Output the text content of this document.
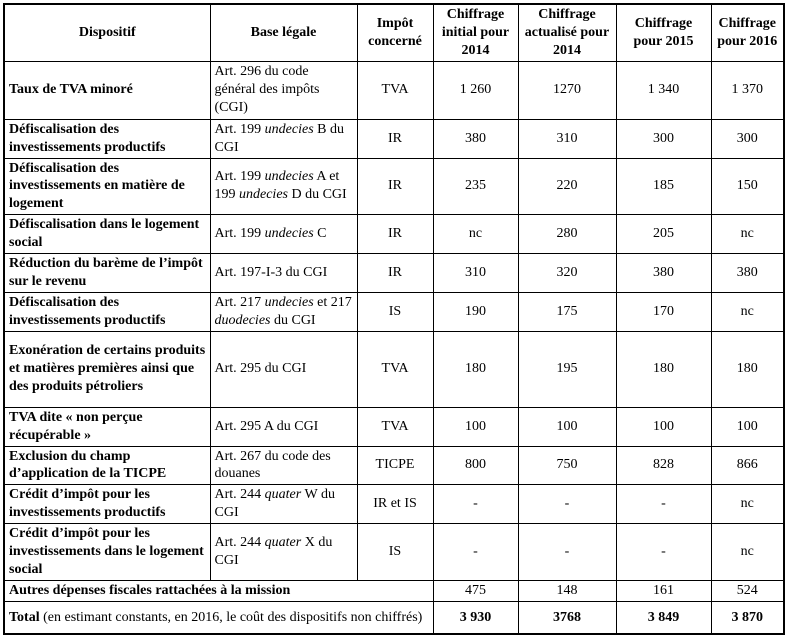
Dispositif	Base légale	Impôt concerné	Chiffrage initial pour 2014	Chiffrage actualisé pour 2014	Chiffrage pour 2015	Chiffrage pour 2016
Taux de TVA minoré	Art. 296 du code général des impôts (CGI)	TVA	1 260	1270	1 340	1 370
Défiscalisation des investissements productifs	Art. 199 undecies B du CGI	IR	380	310	300	300
Défiscalisation des investissements en matière de logement	Art. 199 undecies A et 199 undecies D du CGI	IR	235	220	185	150
Défiscalisation dans le logement social	Art. 199 undecies C	IR	nc	280	205	nc
Réduction du barème de l’impôt sur le revenu	Art. 197-I-3 du CGI	IR	310	320	380	380
Défiscalisation des investissements productifs	Art. 217 undecies et 217 duodecies du CGI	IS	190	175	170	nc
Exonération de certains produits et matières premières ainsi que des produits pétroliers	Art. 295 du CGI	TVA	180	195	180	180
TVA dite « non perçue récupérable »	Art. 295 A du CGI	TVA	100	100	100	100
Exclusion du champ d’application de la TICPE	Art. 267 du code des douanes	TICPE	800	750	828	866
Crédit d’impôt pour les investissements productifs	Art. 244 quater W du CGI	IR et IS	-	-	-	nc
Crédit d’impôt pour les investissements dans le logement social	Art. 244 quater X du CGI	IS	-	-	-	nc
Autres dépenses fiscales rattachées à la mission			475	148	161	524
Total (en estimant constants, en 2016, le coût des dispositifs non chiffrés)			3 930	3768	3 849	3 870
